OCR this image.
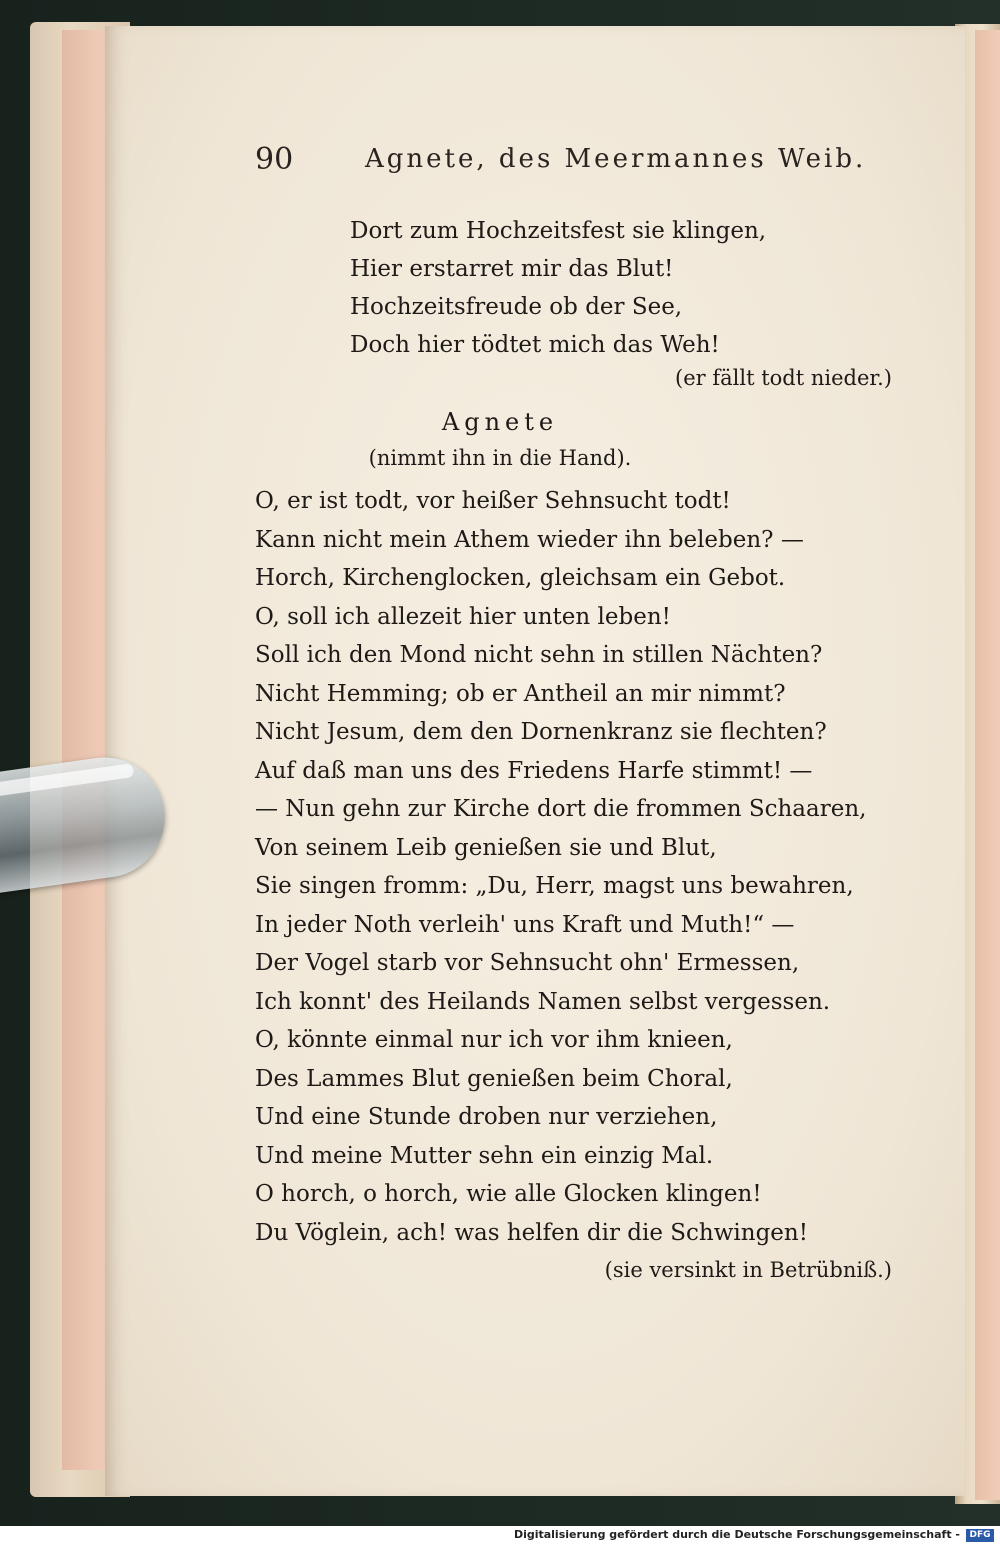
90	Agnete, des Meermannes Weib.
Dort zum Hochzeitsfest sie klingen,
Hier erstarret mir das Blut!
Hochzeitsfreude ob der See,
Doch hier tödtet mich das Weh!
(er fällt todt nieder.)
Agnete
(nimmt ihn in die Hand).
O, er ist todt, vor heißer Sehnsucht todt!
Kann nicht mein Athem wieder ihn beleben? —
Horch, Kirchenglocken, gleichsam ein Gebot.
O, soll ich allezeit hier unten leben!
Soll ich den Mond nicht sehn in stillen Nächten?
Nicht Hemming; ob er Antheil an mir nimmt?
Nicht Jesum, dem den Dornenkranz sie flechten?
Auf daß man uns des Friedens Harfe stimmt! —
— Nun gehn zur Kirche dort die frommen Schaaren,
Von seinem Leib genießen sie und Blut,
Sie singen fromm: „Du, Herr, magst uns bewahren,
In jeder Noth verleih' uns Kraft und Muth!“ —
Der Vogel starb vor Sehnsucht ohn' Ermessen,
Ich konnt' des Heilands Namen selbst vergessen.
O, könnte einmal nur ich vor ihm knieen,
Des Lammes Blut genießen beim Choral,
Und eine Stunde droben nur verziehen,
Und meine Mutter sehn ein einzig Mal.
O horch, o horch, wie alle Glocken klingen!
Du Vöglein, ach! was helfen dir die Schwingen!
(sie versinkt in Betrübniß.)
Digitalisierung gefördert durch die Deutsche Forschungsgemeinschaft -	DFG
